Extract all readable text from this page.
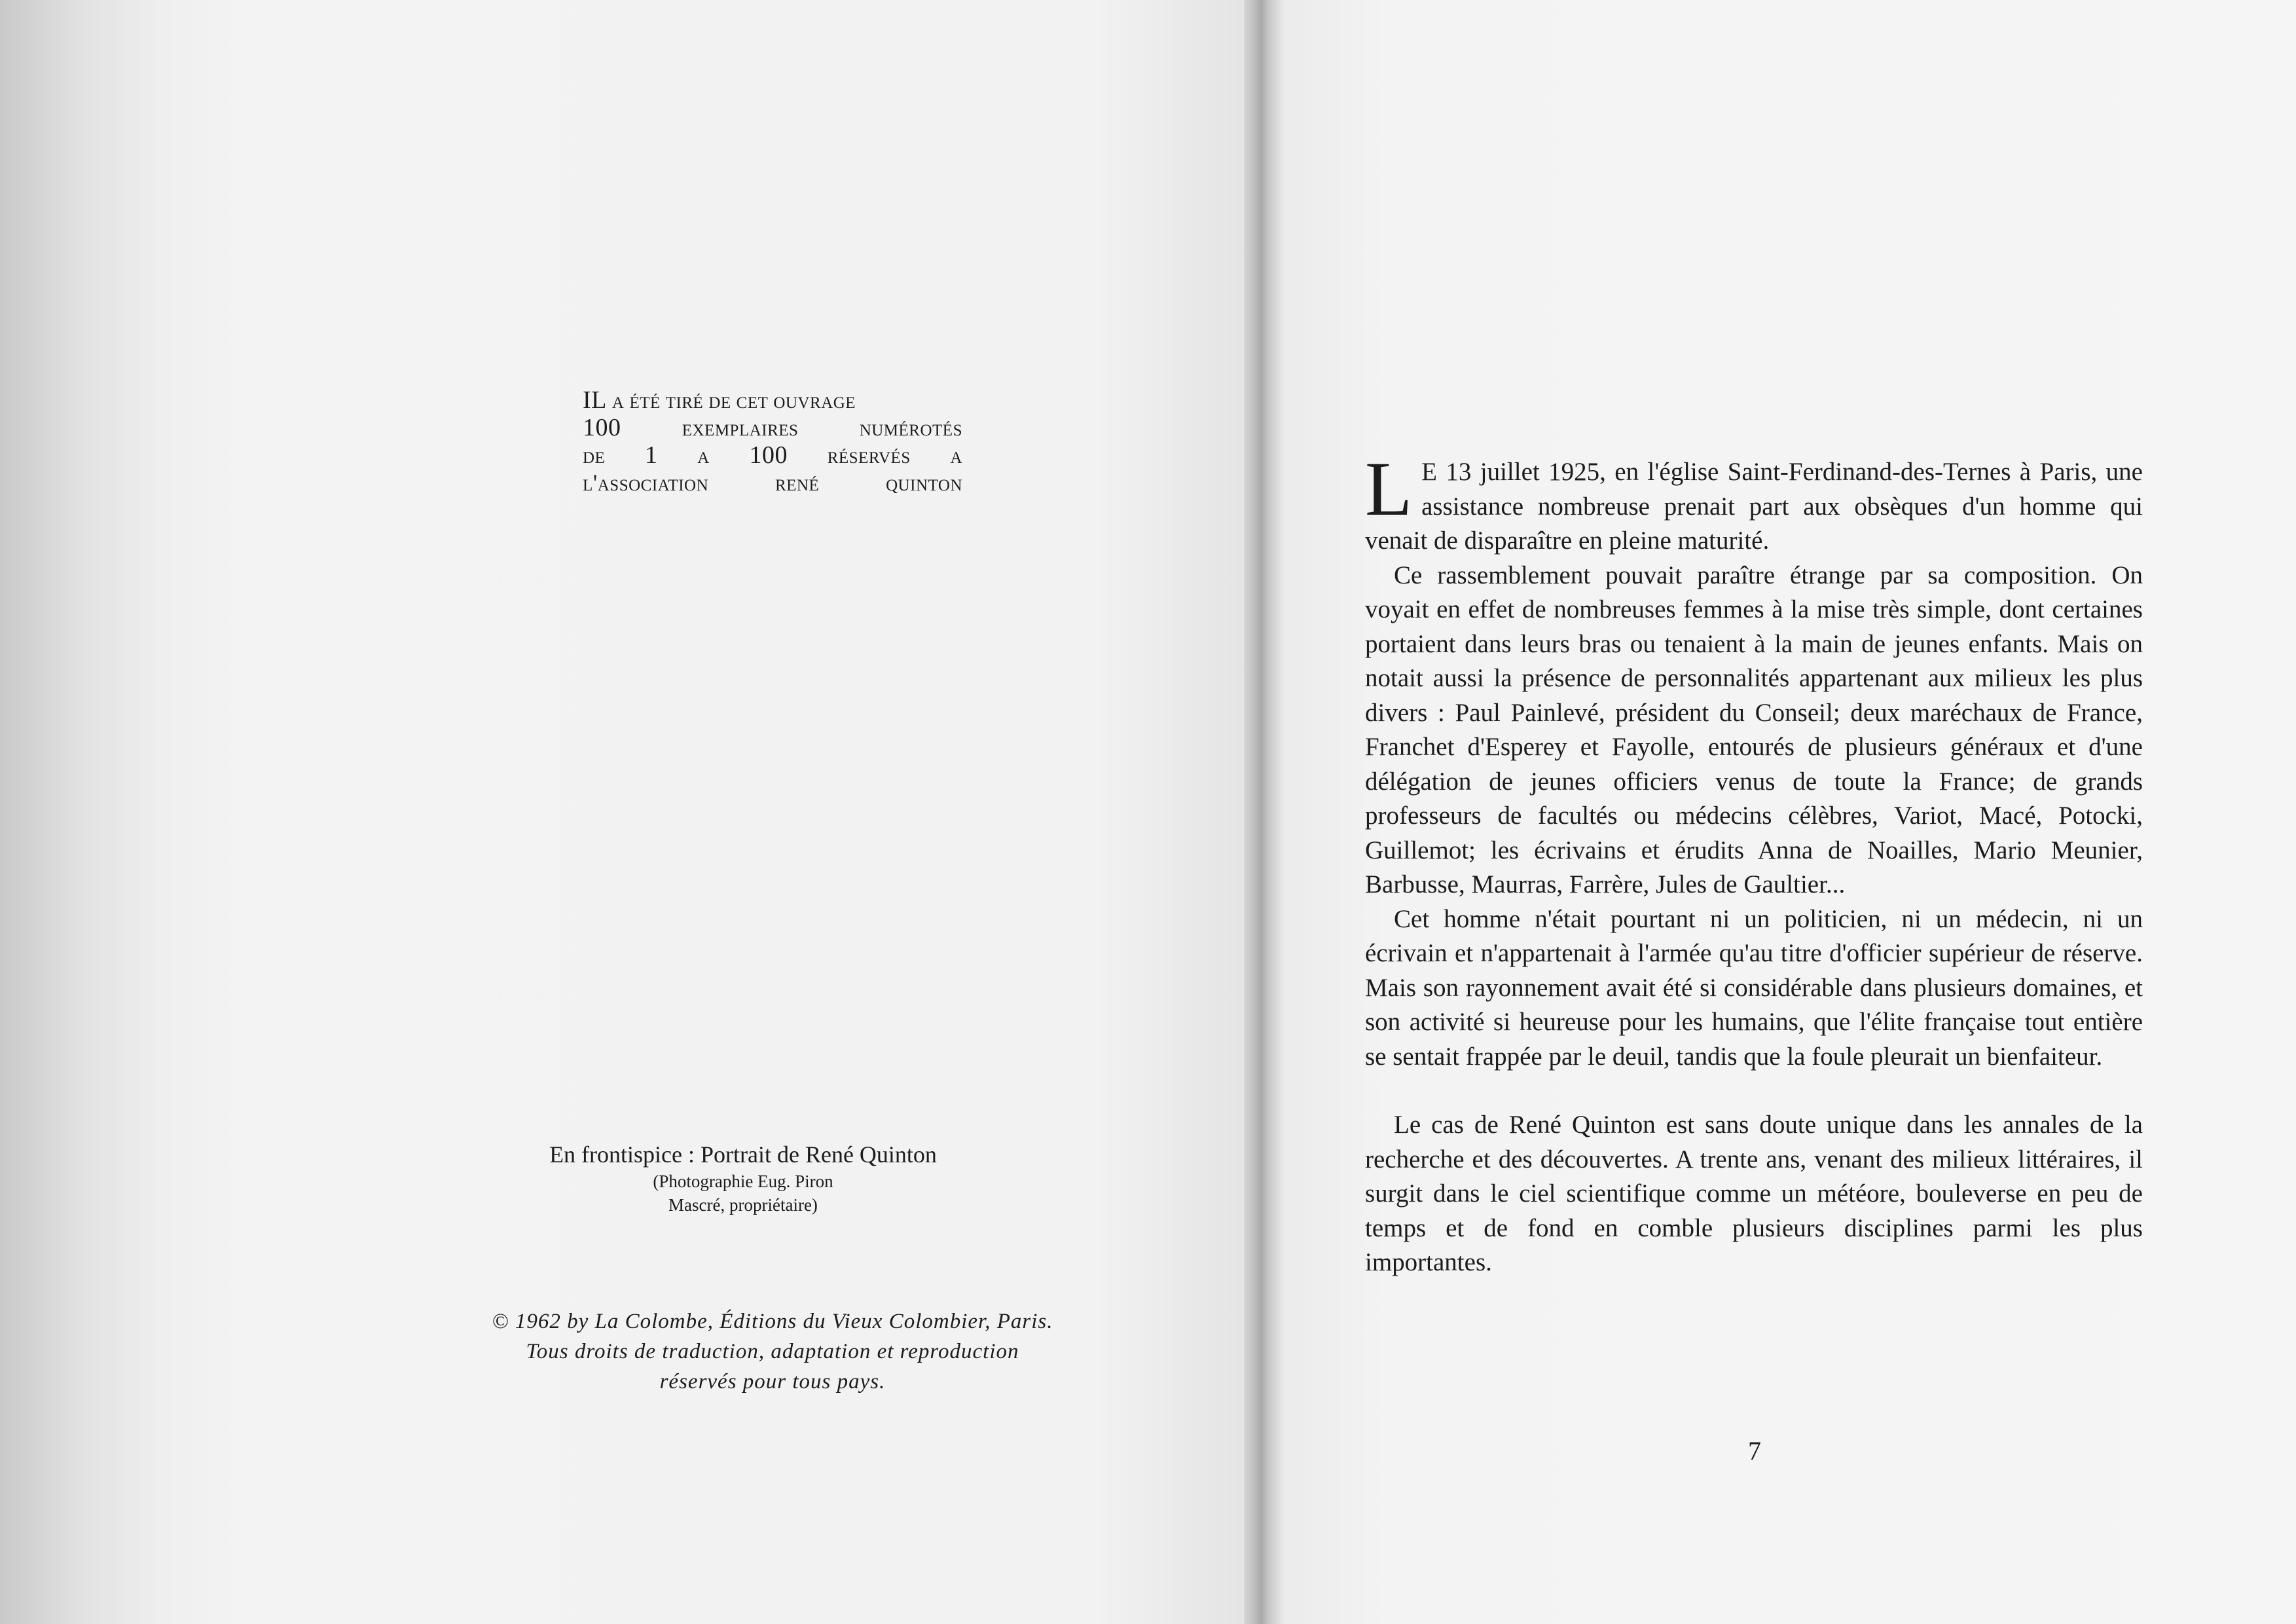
IL
a
été
tiré
de
cet
ouvrage
100	exemplaires	numérotés
de 1 a 100 réservés a
l'association	rené	quinton
En frontispice : Portrait de René Quinton
(Photographie Eug. Piron
Mascré, propriétaire)
© 1962 by La Colombe, Éditions du Vieux Colombier, Paris.
Tous droits de traduction, adaptation et reproduction
réservés pour tous pays.

L E 13 juillet 1925, en l'église Saint-Ferdinand-des-Ternes à Paris, une assistance nombreuse prenait part aux obsèques d'un homme qui venait de disparaître en pleine maturité.

Ce rassemblement pouvait paraître étrange par sa composition. On voyait en effet de nombreuses femmes à la mise très simple, dont certaines portaient dans leurs bras ou tenaient à la main de jeunes enfants. Mais on notait aussi la présence de personnalités appartenant aux milieux les plus divers : Paul Painlevé, président du Conseil; deux maréchaux de France, Franchet d'Esperey et Fayolle, entourés de plusieurs généraux et d'une délégation de jeunes officiers venus de toute la France; de grands professeurs de facultés ou médecins célèbres, Variot, Macé, Potocki, Guillemot; les écrivains et érudits Anna de Noailles, Mario Meunier, Barbusse, Maurras, Farrère, Jules de Gaultier...

Cet homme n'était pourtant ni un politicien, ni un médecin, ni un écrivain et n'appartenait à l'armée qu'au titre d'officier supérieur de réserve. Mais son rayonnement avait été si considérable dans plusieurs domaines, et son activité si heureuse pour les humains, que l'élite française tout entière se sentait frappée par le deuil, tandis que la foule pleurait un bienfaiteur.

Le cas de René Quinton est sans doute unique dans les annales de la recherche et des découvertes. A trente ans, venant des milieux littéraires, il surgit dans le ciel scientifique comme un météore, bouleverse en peu de temps et de fond en comble plusieurs disciplines parmi les plus importantes.

7
